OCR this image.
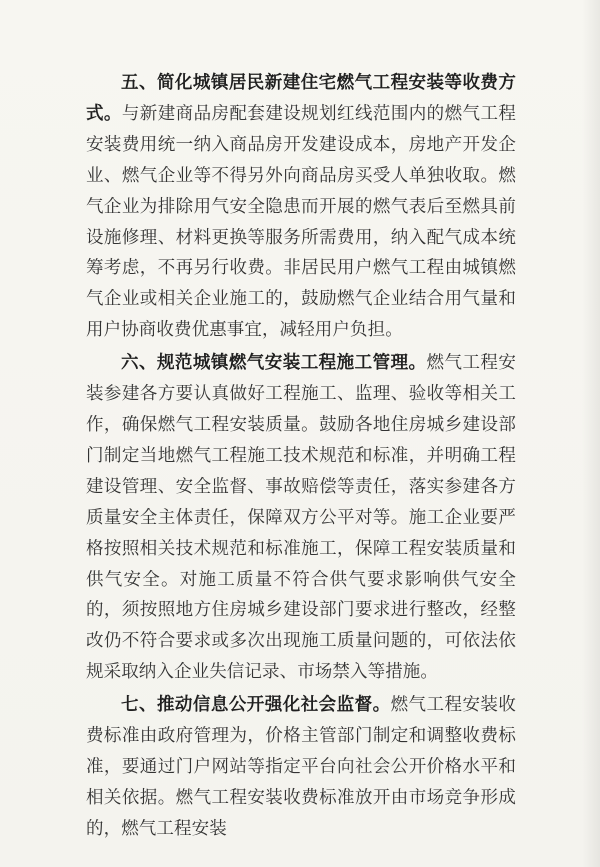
五、简化城镇居民新建住宅燃气工程安装等收费方式。与新建商品房配套建设规划红线范围内的燃气工程安装费用统一纳入商品房开发建设成本，房地产开发企业、燃气企业等不得另外向商品房买受人单独收取。燃气企业为排除用气安全隐患而开展的燃气表后至燃具前设施修理、材料更换等服务所需费用，纳入配气成本统筹考虑，不再另行收费。非居民用户燃气工程由城镇燃气企业或相关企业施工的，鼓励燃气企业结合用气量和用户协商收费优惠事宜，减轻用户负担。

六、规范城镇燃气安装工程施工管理。燃气工程安装参建各方要认真做好工程施工、监理、验收等相关工作，确保燃气工程安装质量。鼓励各地住房城乡建设部门制定当地燃气工程施工技术规范和标准，并明确工程建设管理、安全监督、事故赔偿等责任，落实参建各方质量安全主体责任，保障双方公平对等。施工企业要严格按照相关技术规范和标准施工，保障工程安装质量和供气安全。对施工质量不符合供气要求影响供气安全的，须按照地方住房城乡建设部门要求进行整改，经整改仍不符合要求或多次出现施工质量问题的，可依法依规采取纳入企业失信记录、市场禁入等措施。

七、推动信息公开强化社会监督。燃气工程安装收费标准由政府管理为，价格主管部门制定和调整收费标准，要通过门户网站等指定平台向社会公开价格水平和相关依据。燃气工程安装收费标准放开由市场竞争形成的，燃气工程安装
